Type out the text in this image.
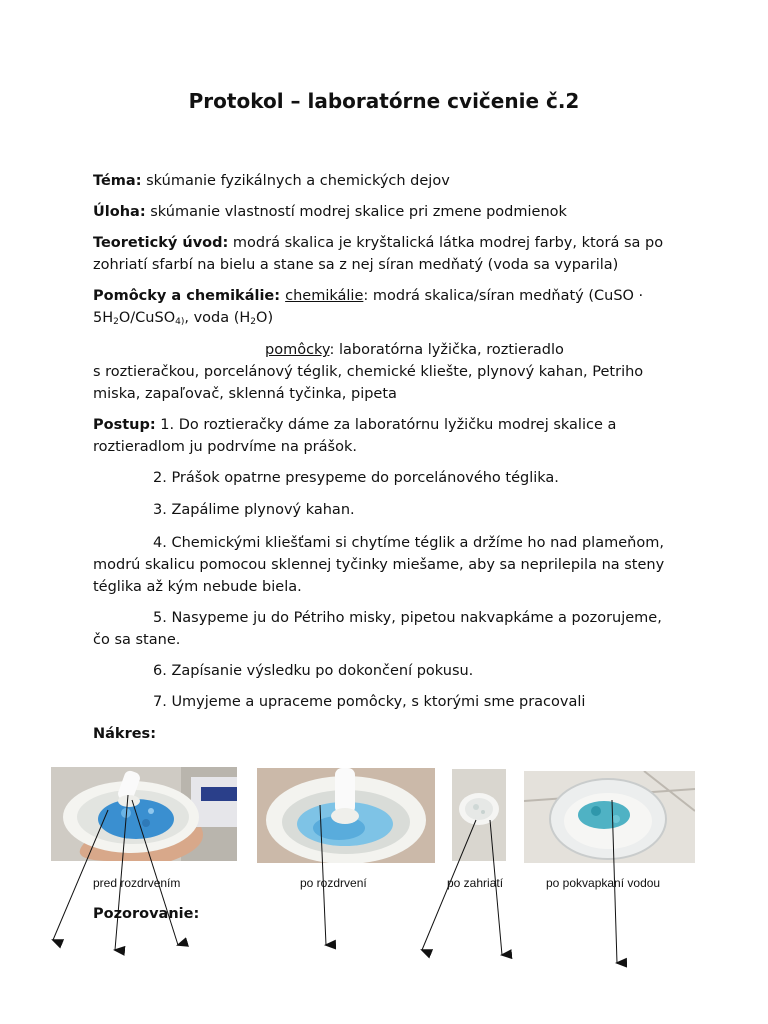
Protokol – laboratórne cvičenie č.2
Téma: skúmanie fyzikálnych a chemických dejov
Úloha: skúmanie vlastností modrej skalice pri zmene podmienok
Teoretický úvod: modrá skalica je kryštalická látka modrej farby, ktorá sa po zohriatí sfarbí na bielu a stane sa z nej síran medňatý (voda sa vyparila)
Pomôcky a chemikálie: chemikálie: modrá skalica/síran medňatý (CuSO · $5H_2O/CuSO_{4)}$, voda $(H_2O)$
pomôcky: laboratórna lyžička, roztieradlo
s roztieračkou, porcelánový téglik, chemické kliešte, plynový kahan, Petriho miska, zapaľovač, sklenná tyčinka, pipeta
Postup: 1. Do roztieračky dáme za laboratórnu lyžičku modrej skalice a roztieradlom ju podrvíme na prášok.
2. Prášok opatrne presypeme do porcelánového téglika.
3. Zapálime plynový kahan.
4. Chemickými kliešťami si chytíme téglik a držíme ho nad plameňom, modrú skalicu pomocou sklennej tyčinky miešame, aby sa neprilepila na steny téglika až kým nebude biela.
5. Nasypeme ju do Pétriho misky, pipetou nakvapkáme a pozorujeme, čo sa stane.
6. Zapísanie výsledku po dokončení pokusu.
7. Umyjeme a upraceme pomôcky, s ktorými sme pracovali
Nákres:
pred rozdrvením	po rozdrvení	po zahriatí	po pokvapkaní vodou
Pozorovanie:
